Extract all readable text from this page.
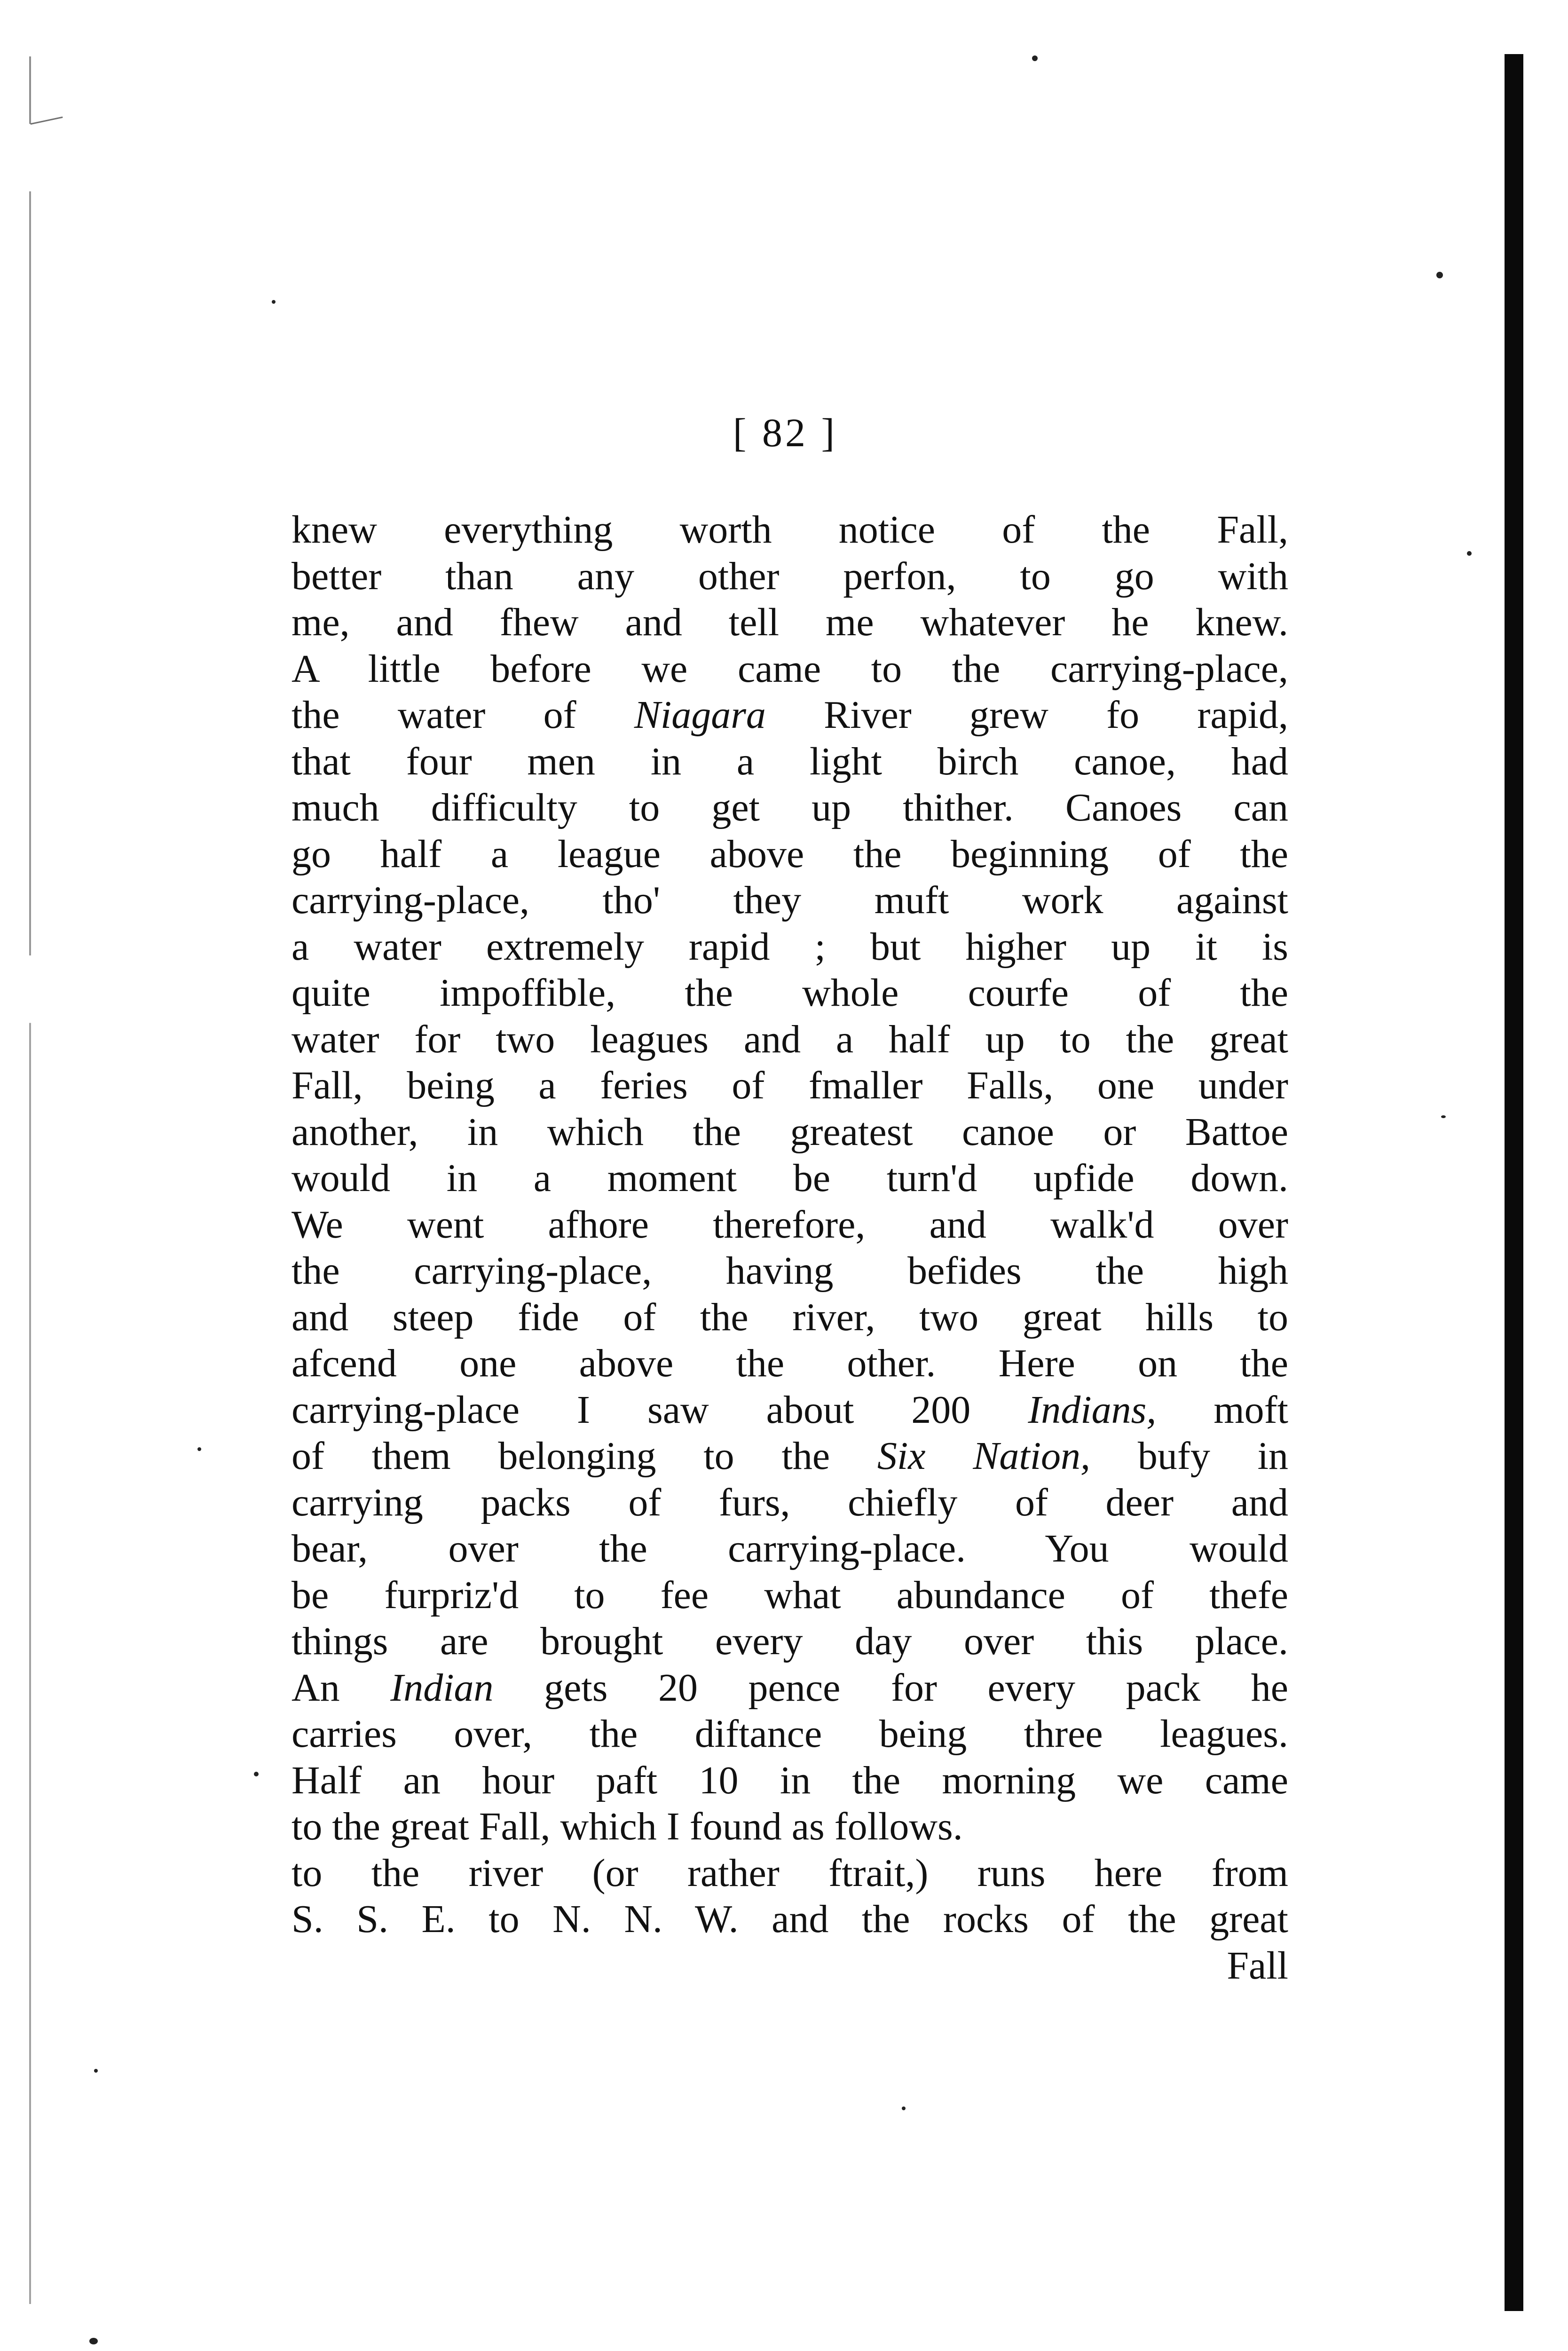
[ 82 ]
knew everything worth notice of the Fall,
better than any other perfon, to go with
me, and fhew and tell me whatever he knew.
A little before we came to the carrying-place,
the water of Niagara River grew fo rapid,
that four men in a light birch canoe, had
much difficulty to get up thither. Canoes can
go half a league above the beginning of the
carrying-place, tho' they muft work against
a water extremely rapid ; but higher up it is
quite impoffible, the whole courfe of the
water for two leagues and a half up to the great
Fall, being a feries of fmaller Falls, one under
another, in which the greatest canoe or Battoe
would in a moment be turn'd upfide down.
We went afhore therefore, and walk'd over
the carrying-place, having befides the high
and steep fide of the river, two great hills to
afcend one above the other. Here on the
carrying-place I saw about 200 Indians, moft
of them belonging to the Six Nation, bufy in
carrying packs of furs, chiefly of deer and
bear, over the carrying-place. You would
be furpriz'd to fee what abundance of thefe
things are brought every day over this place.
An Indian gets 20 pence for every pack he
carries over, the diftance being three leagues.
Half an hour paft 10 in the morning we came
to the great Fall, which I found as follows.
to the river (or rather ftrait,) runs here from
S. S. E. to N. N. W. and the rocks of the great
Fall
